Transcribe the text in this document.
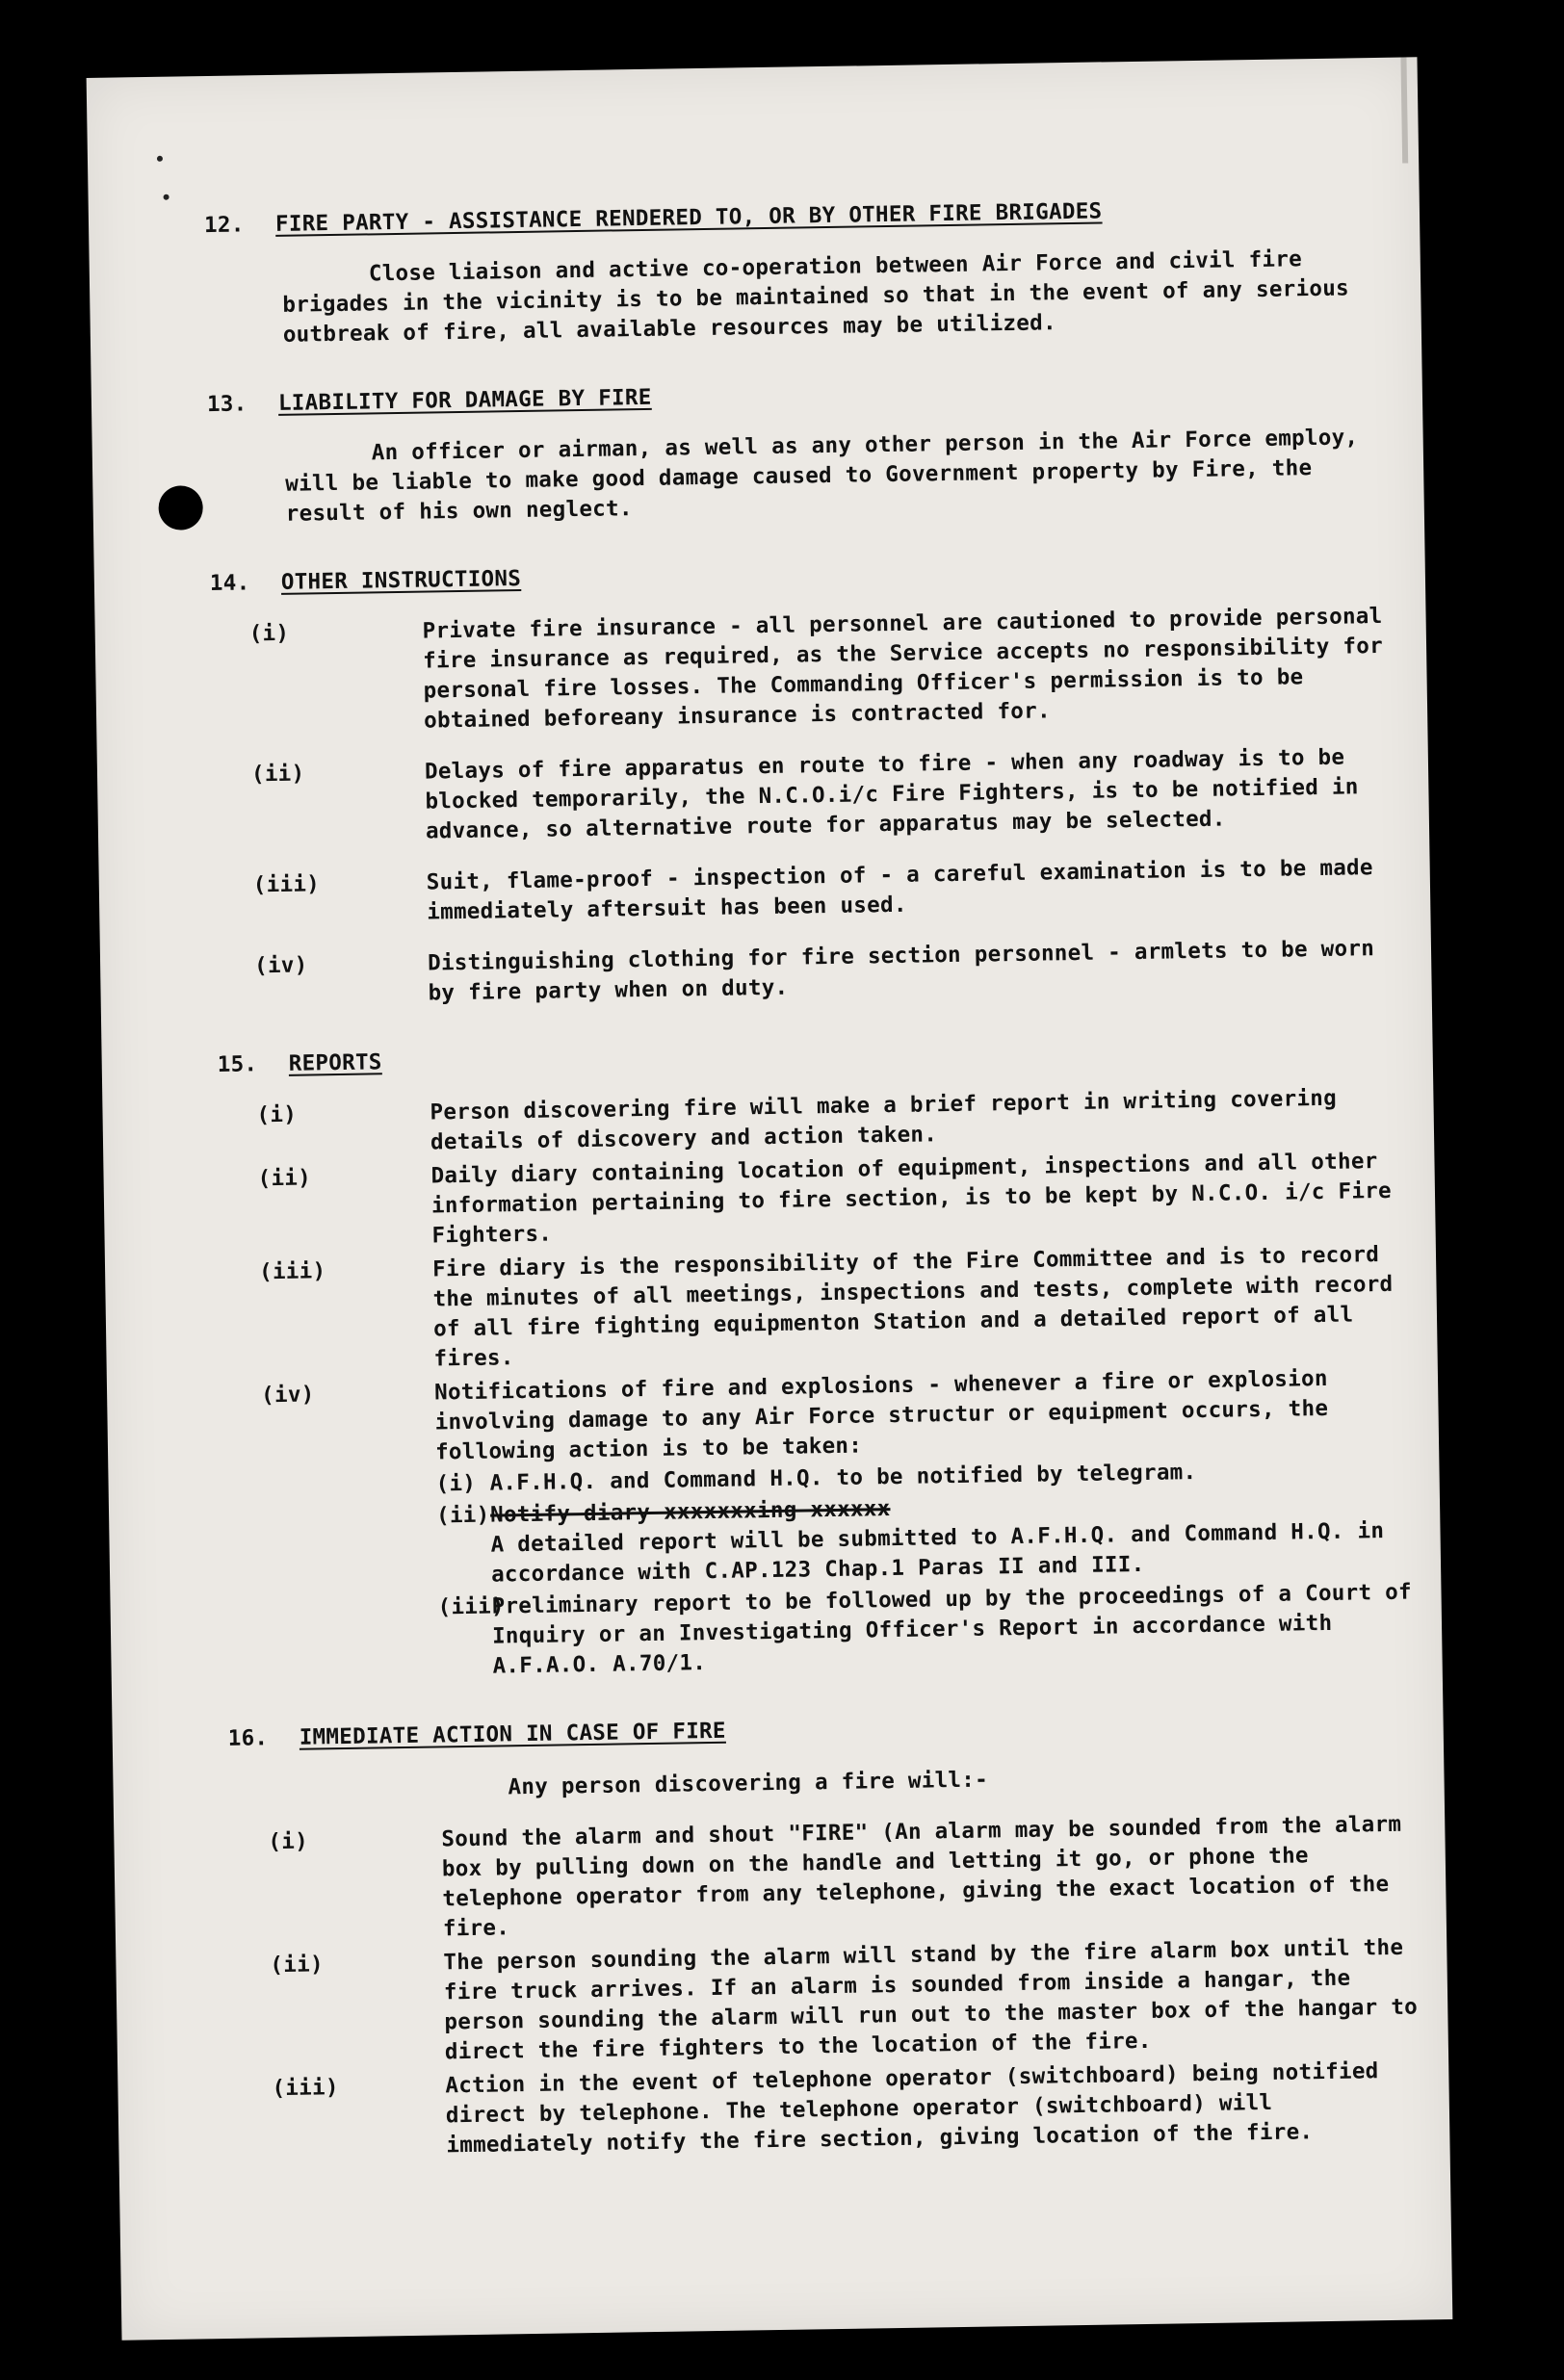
12.	FIRE PARTY - ASSISTANCE RENDERED TO, OR BY OTHER FIRE BRIGADES
Close liaison and active co-operation between Air Force and civil fire brigades in the vicinity is to be maintained so that in the event of any serious outbreak of fire, all available resources may be utilized.
13.	LIABILITY FOR DAMAGE BY FIRE
An officer or airman, as well as any other person in the Air Force employ, will be liable to make good damage caused to Government property by Fire, the result of his own neglect.
14.	OTHER INSTRUCTIONS
(i)	Private fire insurance - all personnel are cautioned to provide personal fire insurance as required, as the Service accepts no responsibility for personal fire losses. The Commanding Officer's permission is to be obtained beforeany insurance is contracted for.
(ii)	Delays of fire apparatus en route to fire - when any roadway is to be blocked temporarily, the N.C.O.i/c Fire Fighters, is to be notified in advance, so alternative route for apparatus may be selected.
(iii)	Suit, flame-proof - inspection of - a careful examination is to be made immediately aftersuit has been used.
(iv)	Distinguishing clothing for fire section personnel - armlets to be worn by fire party when on duty.
15.	REPORTS
(i)	Person discovering fire will make a brief report in writing covering details of discovery and action taken.
(ii)	Daily diary containing location of equipment, inspections and all other information pertaining to fire section, is to be kept by N.C.O. i/c Fire Fighters.
(iii)	Fire diary is the responsibility of the Fire Committee and is to record the minutes of all meetings, inspections and tests, complete with record of all fire fighting equipmenton Station and a detailed report of all fires.
(iv)	Notifications of fire and explosions - whenever a fire or explosion involving damage to any Air Force structur or equipment occurs, the following action is to be taken:
(i) A.F.H.Q. and Command H.Q. to be notified by telegram.
(ii) Notify diary xxxxxxxing xxxxxx
A detailed report will be submitted to A.F.H.Q. and Command H.Q. in accordance with C.AP.123 Chap.1 Paras II and III.
(iii)
Preliminary report to be followed up by the proceedings of a Court of Inquiry or an Investigating Officer's Report in accordance with A.F.A.O. A.70/1.
16.	IMMEDIATE ACTION IN CASE OF FIRE
Any person discovering a fire will:-
(i)	Sound the alarm and shout "FIRE" (An alarm may be sounded from the alarm box by pulling down on the handle and letting it go, or phone the telephone operator from any telephone, giving the exact location of the fire.
(ii)	The person sounding the alarm will stand by the fire alarm box until the fire truck arrives. If an alarm is sounded from inside a hangar, the person sounding the alarm will run out to the master box of the hangar to direct the fire fighters to the location of the fire.
(iii)	Action in the event of telephone operator (switchboard) being notified direct by telephone. The telephone operator (switchboard) will immediately notify the fire section, giving location of the fire.
